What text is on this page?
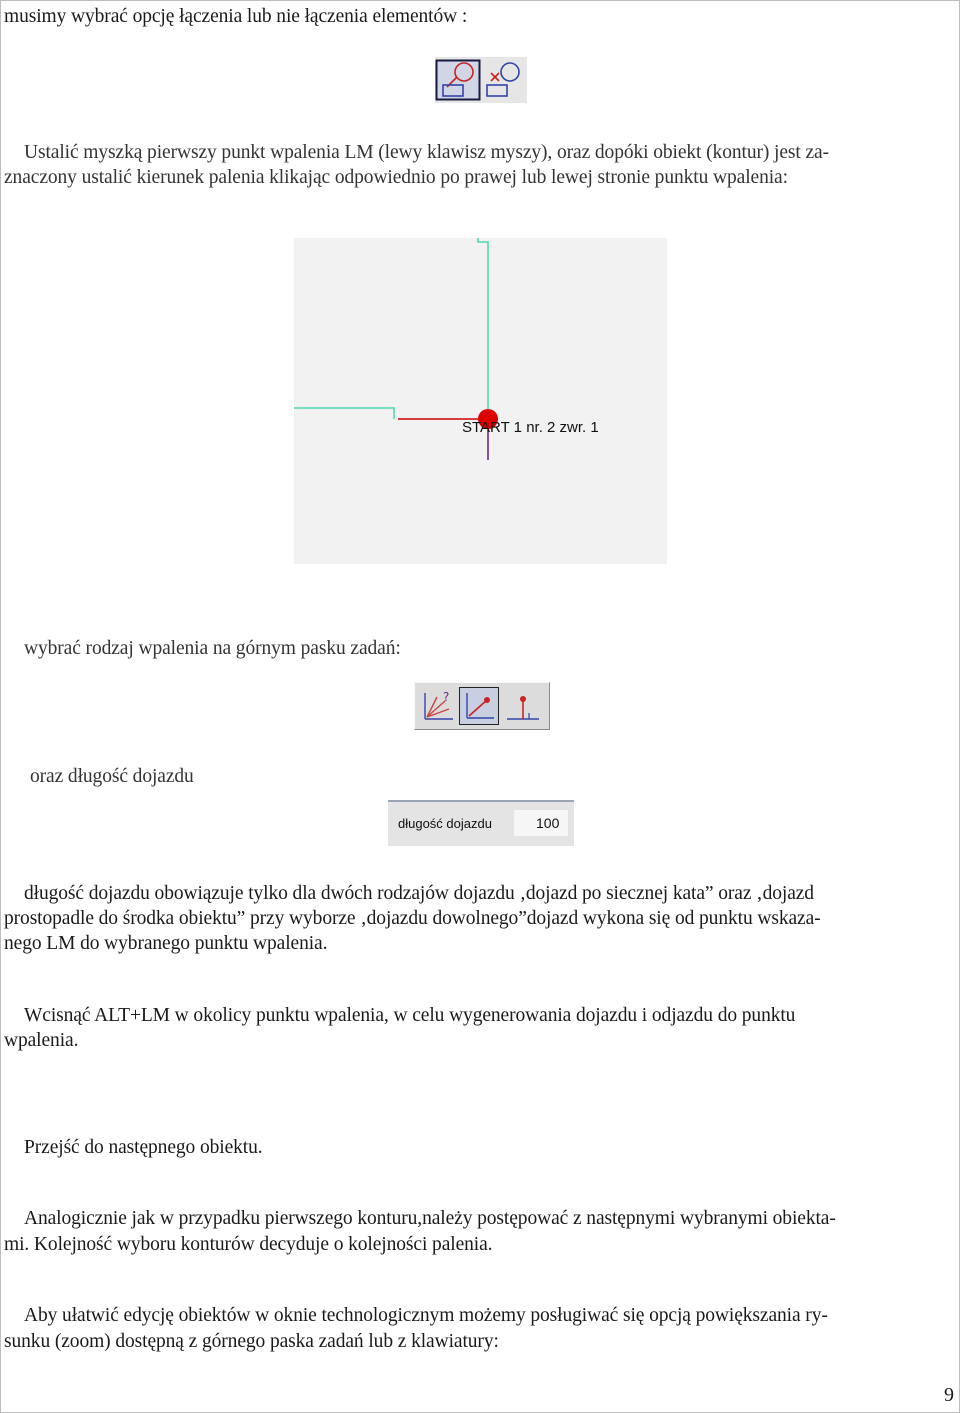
musimy wybrać opcję łączenia lub nie łączenia elementów :

Ustalić myszką pierwszy punkt wpalenia LM (lewy klawisz myszy), oraz dopóki obiekt (kontur) jest za-

znaczony ustalić kierunek palenia klikając odpowiednio po prawej lub lewej stronie punktu wpalenia:

START 1 nr. 2 zwr. 1

wybrać rodzaj wpalenia na górnym pasku zadań:

?

oraz długość dojazdu

długość dojazdu	100

długość dojazdu obowiązuje tylko dla dwóch rodzajów dojazdu ‚dojazd po siecznej kata” oraz ‚dojazd

prostopadle do środka obiektu” przy wyborze ‚dojazdu dowolnego”dojazd wykona się od punktu wskaza-

nego LM do wybranego punktu wpalenia.

Wcisnąć ALT+LM w okolicy punktu wpalenia, w celu wygenerowania dojazdu i odjazdu do punktu

wpalenia.

Przejść do następnego obiektu.

Analogicznie jak w przypadku pierwszego konturu,należy postępować z następnymi wybranymi obiekta-

mi. Kolejność wyboru konturów decyduje o kolejności palenia.

Aby ułatwić edycję obiektów w oknie technologicznym możemy posługiwać się opcją powiększania ry-

sunku (zoom) dostępną z górnego paska zadań lub z klawiatury:

9
